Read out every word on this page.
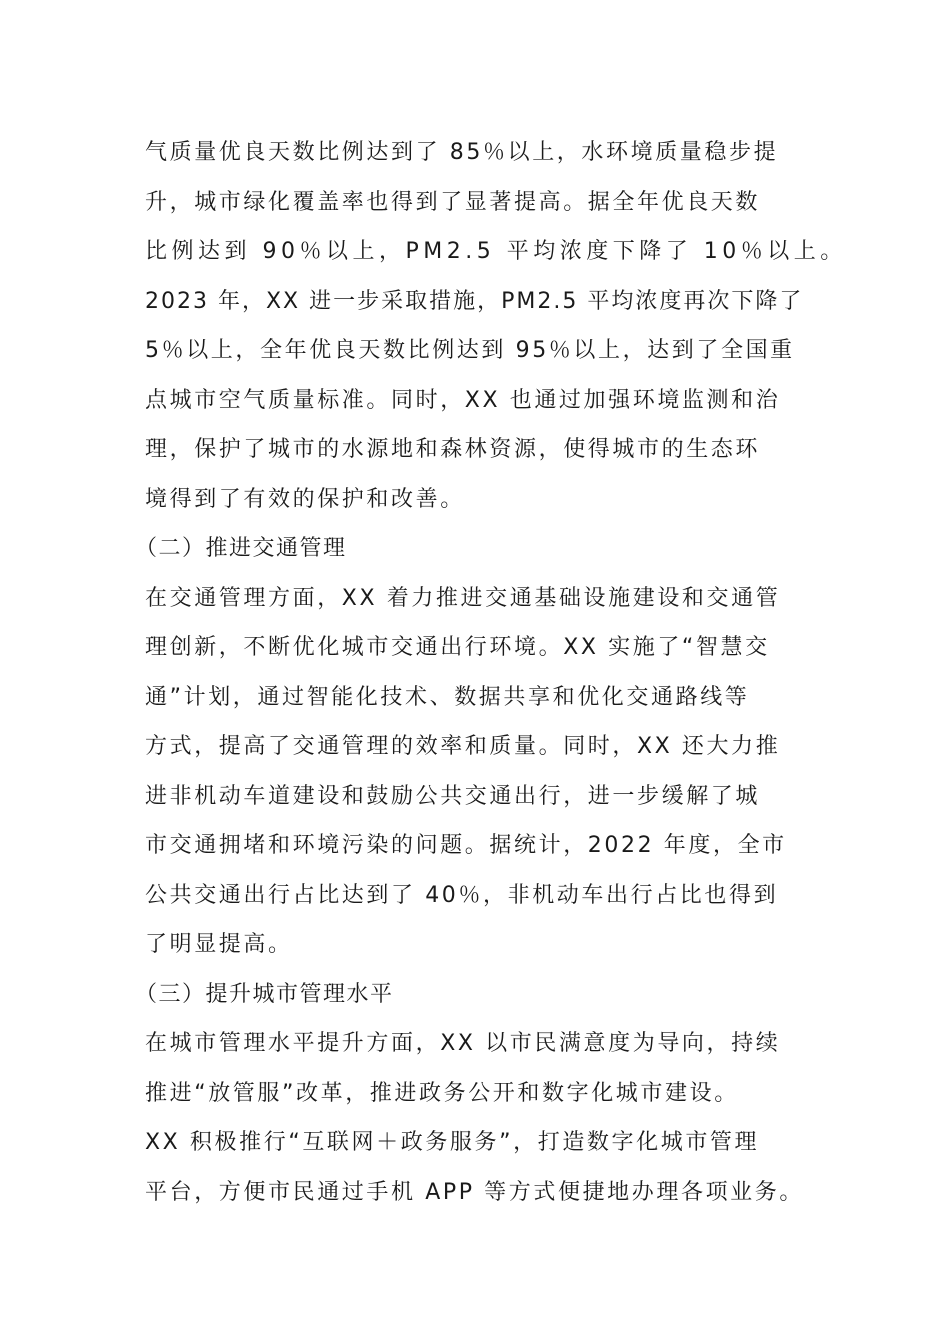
气质量优良天数比例达到了 85％以上，水环境质量稳步提
升，城市绿化覆盖率也得到了显著提高。据全年优良天数
比例达到 90％以上，PM2.5 平均浓度下降了 10％以上。
2023 年，XX 进一步采取措施，PM2.5 平均浓度再次下降了
5％以上，全年优良天数比例达到 95％以上，达到了全国重
点城市空气质量标准。同时，XX 也通过加强环境监测和治
理，保护了城市的水源地和森林资源，使得城市的生态环
境得到了有效的保护和改善。
（二）推进交通管理
在交通管理方面，XX 着力推进交通基础设施建设和交通管
理创新，不断优化城市交通出行环境。XX 实施了“智慧交
通”计划，通过智能化技术、数据共享和优化交通路线等
方式，提高了交通管理的效率和质量。同时，XX 还大力推
进非机动车道建设和鼓励公共交通出行，进一步缓解了城
市交通拥堵和环境污染的问题。据统计，2022 年度，全市
公共交通出行占比达到了 40％，非机动车出行占比也得到
了明显提高。
（三）提升城市管理水平
在城市管理水平提升方面，XX 以市民满意度为导向，持续
推进“放管服”改革，推进政务公开和数字化城市建设。
XX 积极推行“互联网＋政务服务”，打造数字化城市管理
平台，方便市民通过手机 APP 等方式便捷地办理各项业务。
